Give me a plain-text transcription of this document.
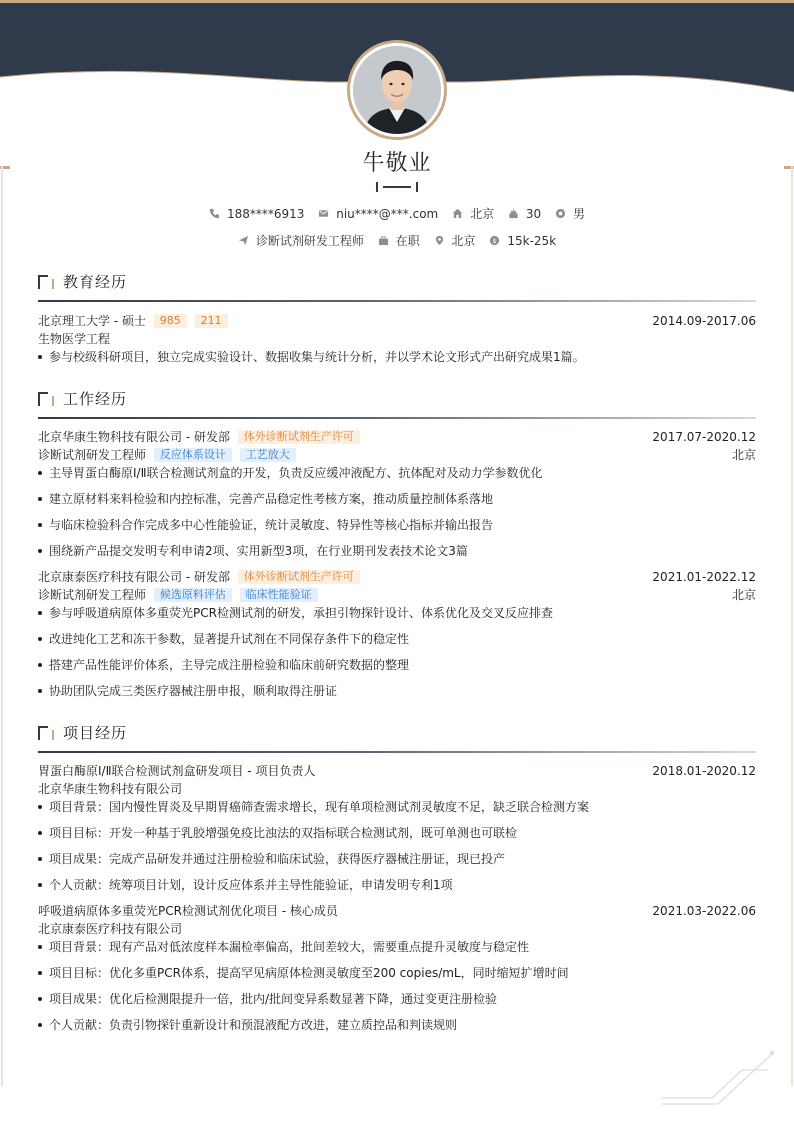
牛敬业
188****6913
	niu****@***.com
	北京
	30
	男
诊断试剂研发工程师
	在职
	北京
$ 15k-25k
教育经历
北京理工大学 - 硕士 985 211	2014.09-2017.06
生物医学工程
参与校级科研项目，独立完成实验设计、数据收集与统计分析，并以学术论文形式产出研究成果1篇。
工作经历
北京华康生物科技有限公司 - 研发部 体外诊断试剂生产许可	2017.07-2020.12
诊断试剂研发工程师 反应体系设计 工艺放大	北京
主导胃蛋白酶原Ⅰ/Ⅱ联合检测试剂盒的开发，负责反应缓冲液配方、抗体配对及动力学参数优化
建立原材料来料检验和内控标准，完善产品稳定性考核方案，推动质量控制体系落地
与临床检验科合作完成多中心性能验证，统计灵敏度、特异性等核心指标并输出报告
围绕新产品提交发明专利申请2项、实用新型3项，在行业期刊发表技术论文3篇
北京康泰医疗科技有限公司 - 研发部 体外诊断试剂生产许可	2021.01-2022.12
诊断试剂研发工程师 候选原料评估 临床性能验证	北京
参与呼吸道病原体多重荧光PCR检测试剂的研发，承担引物探针设计、体系优化及交叉反应排查
改进纯化工艺和冻干参数，显著提升试剂在不同保存条件下的稳定性
搭建产品性能评价体系，主导完成注册检验和临床前研究数据的整理
协助团队完成三类医疗器械注册申报，顺利取得注册证
项目经历
胃蛋白酶原Ⅰ/Ⅱ联合检测试剂盒研发项目 - 项目负责人	2018.01-2020.12
北京华康生物科技有限公司
项目背景：国内慢性胃炎及早期胃癌筛查需求增长，现有单项检测试剂灵敏度不足，缺乏联合检测方案
项目目标：开发一种基于乳胶增强免疫比浊法的双指标联合检测试剂，既可单测也可联检
项目成果：完成产品研发并通过注册检验和临床试验，获得医疗器械注册证，现已投产
个人贡献：统筹项目计划，设计反应体系并主导性能验证，申请发明专利1项
呼吸道病原体多重荧光PCR检测试剂优化项目 - 核心成员	2021.03-2022.06
北京康泰医疗科技有限公司
项目背景：现有产品对低浓度样本漏检率偏高，批间差较大，需要重点提升灵敏度与稳定性
项目目标：优化多重PCR体系，提高罕见病原体检测灵敏度至200 copies/mL，同时缩短扩增时间
项目成果：优化后检测限提升一倍，批内/批间变异系数显著下降，通过变更注册检验
个人贡献：负责引物探针重新设计和预混液配方改进，建立质控品和判读规则
